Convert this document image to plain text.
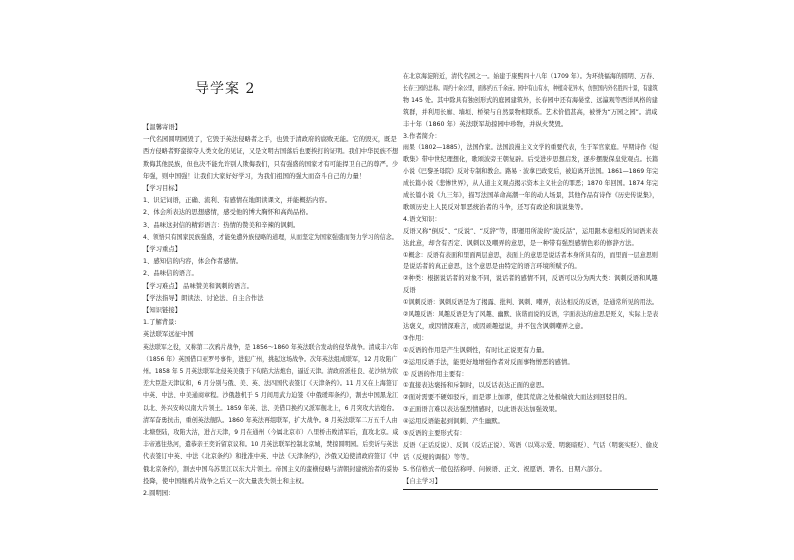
导学案 2
【温馨寄语】
一代名园圆明园毁了，它毁于英法侵略者之手，也毁于清政府的腐败无能。它的毁灭，既是
西方侵略者野蛮掠夺人类文化的见证，又是文明古国落后也要挨打的证明。我们中华民族不想
欺侮其他民族，但也决不能允许别人欺侮我们，只有强盛的国家才有可能捍卫自己的尊严。少
年强，则中国强！让我们大家好好学习，为我们祖国的强大而奋斗自己的力量！
【学习目标】
1、识记词语，正确、流利、有感情在地朗读课文，并能概括内容。
2、体会所表达的思想感情，感受他的博大胸怀和高尚品格。
3、品味这封信的精彩语言：热情的赞美和辛辣的讽刺。
4、领悟只有国家民族强盛，才能免遭外族侵略的道理，从而坚定为国家强盛而努力学习的信念。
【学习重点】
1、感知信的内容，体会作者感情。
2、品味信的语言。
【学习难点】 品味赞美和讽刺的语言。
【学法指导】朗读法、讨论法、自主合作法
【知识链接】
1.了解背景:
英法联军远征中国
英法联军之役，又称第二次鸦片战争，是 1856～1860 年英法联合发动的侵华战争。清咸丰六年
（1856 年）英国借口亚罗号事件，进犯广州，挑起这场战争。次年英法组成联军，12 月攻陷广
州。1858 年 5 月英法联军北侵英美俄于下旬陷大沽炮台，逼近天津。清政府派桂良、花沙纳为钦
差大臣赴天津议和，6 月分别与俄、美、英、法四国代表签订《天津条约》。11 月又在上海签订
中英、中法、中美通商章程。沙俄趁机于 5 月间用武力迫签《中俄瑷珲条约》，割去中国黑龙江
以北、外兴安岭以南大片领土。1859 年英、法、美借口换约又派军舰北上，6 月突攻大沽炮台。
清军奋勇抗击，重创英法舰队。1860 年英法再组联军，扩大战争。8 月英法联军二万五千人由
北塘登陆，攻陷大沽，进占天津，9 月在通州（今属北京市）八里桥击败清军后，直攻北京。咸
丰帝逃往热河，遣恭亲王奕䜣留京议和。10 月英法联军控制北京城，焚掠圆明园。后奕䜣与英法
代表签订中英、中法《北京条约》和批准中英、中法《天津条约》，沙俄又迫使清政府签订《中
俄北京条约》，割去中国乌苏里江以东大片领土。帝国主义的蛮横侵略与清朝封建统治者的妥协
投降，使中国继鸦片战争之后又一次大量丧失领土和主权。
2.圆明园：
在北京海淀附近，清代名园之一。始建于康熙四十八年（1709 年）。为环绕福海的圆明、万春、
长春三园的总称。周约十余公里，面积约五千余亩。园中有山有水，种植奇花异木，仿照国内外名胜四十景，有建筑
物 145 处。其中除具有独创形式的庭园建筑外，长春园中还有海晏堂、远瀛观等西洋风格的建
筑群，并利用长廊、墙垣、桥梁与自然景物相联系。艺术价值甚高，被誉为“万园之园”。清咸
丰十年（1860 年）英法联军劫掠园中珍物，并纵火焚毁。
3.作者简介：
雨果（1802—1885），法国作家。法国浪漫主义文学的重要代表，生于军官家庭。早期诗作《短
歌集》带中世纪理想化，歌颂波旁王朝复辟。后受进步思想启发，逐步摆脱保皇党观点。长篇
小说《巴黎圣母院》反对专制和教会。路易 · 波拿巴政变后，被迫离开法国。1861—1869 年完
成长篇小说《悲惨世界》，从人道主义观点揭示资本主义社会的罪恶；1870 年回国。1874 年完
成长篇小说《九三年》，描写法国革命高潮一年的动人场景，其他作品有诗作《历史传说集》，
歌颂历史上人民反对罪恶统治者的斗争，还写有政论和演说集等。
4.语文知识：
反语又称“倒反”、“反说”、“反辞”等，即運用所說的“說反話”，运用跟本意相反的词语来表
达此意，却含有否定、讽刺以及嘲弄的意思，是一种带有强烈感情色彩的修辞方法。
①概念：反语有表面和里面两层意思，表面上的意思是说话者本身所具有的，而里面一层意思则
是说话者的真正意思，这个意思是由特定的语言环境所赋予的。
②种类：根据说话者的对象不同，说话者的感情不同，反语可以分为两大类：讽刺反语和风趣
反语
①讽刺反语：讽刺反语是为了揭露、批判、讽刺、嘲弄，表达相反的反语，是通常所见的用法。
②风趣反语：风趣反语是为了风趣、幽默、诙谐而说的反语，字面表达的意思是贬义，实际上是表
达褒义，或因情深难言，或因顽趣逗说，并不包含讽刺嘲弄之意。
③作用：
①反语的作用是产生讽刺性，有时比正说更有力量。
②运用反语手法，能更好地增强作者对反面事物憎恶的感情。
① 反语的作用主要有：
①直接表达褒扬和斥制时，以反话表达正面的意思。
②面对需要不硬如驳斥，而是谬上加谬，使其荒唐之处极端放大而达到回驳目的。
③正面语言难以表达强烈情感时，以此语表达加强效果。
④运用反语能起到讽刺、产生幽默。
⑤反语的主要形式有：
反语（正话反说）、反讽（反话正说）、骂语（以骂示爱、明褒暗贬）、气话（明褒实贬）、偷皮
话（反规的调侃）等等。
5.书信格式一般包括称呼、问候语、正文、祝愿语、署名、日期六部分。
【自主学习】
